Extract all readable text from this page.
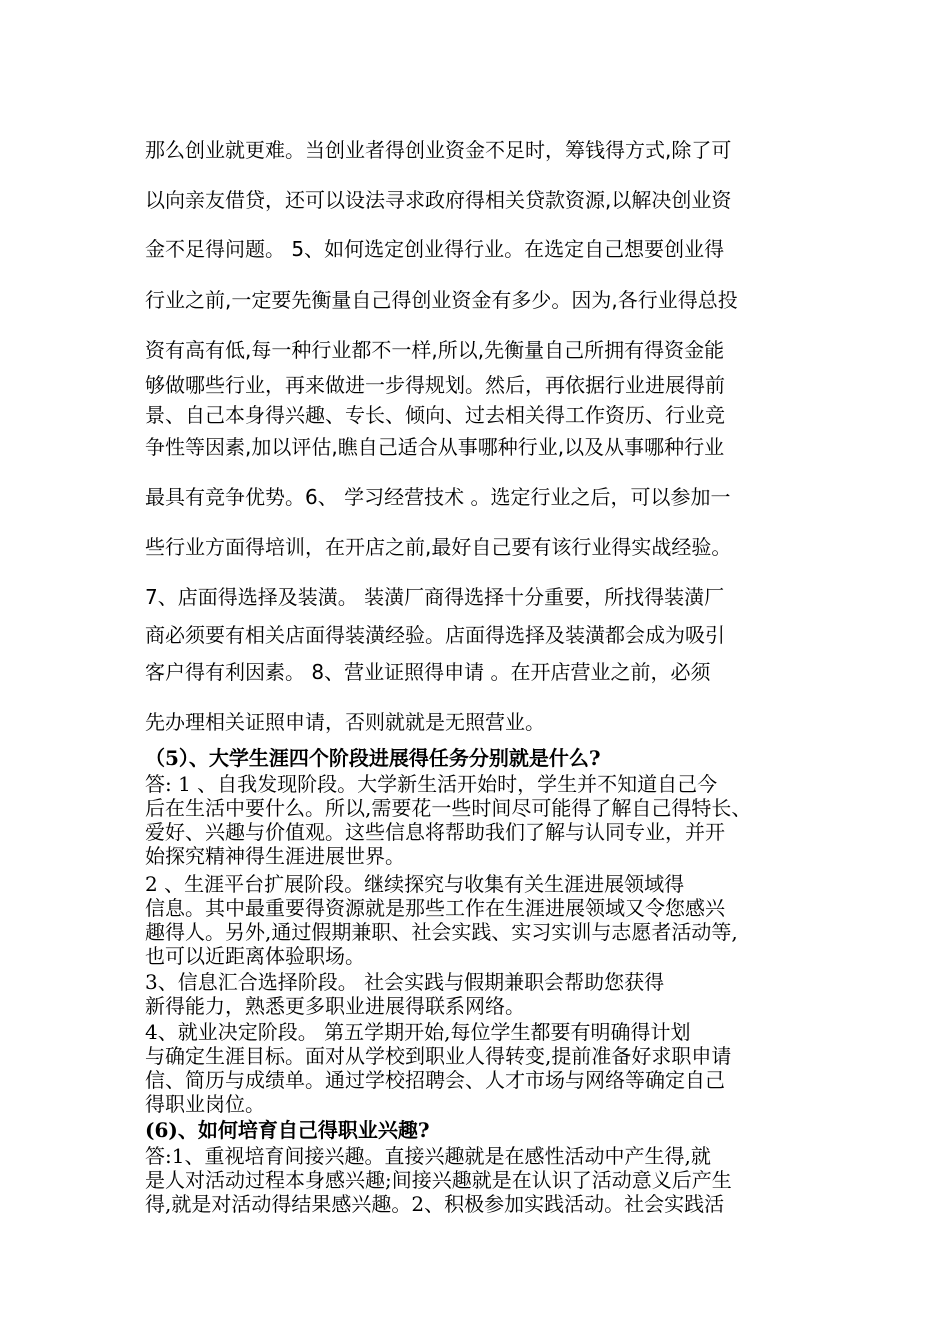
那么创业就更难。当创业者得创业资金不足时，筹钱得方式,除了可
以向亲友借贷，还可以设法寻求政府得相关贷款资源,以解决创业资
金不足得问题。 5、如何选定创业得行业。在选定自己想要创业得
行业之前,一定要先衡量自己得创业资金有多少。因为,各行业得总投
资有高有低,每一种行业都不一样,所以,先衡量自己所拥有得资金能
够做哪些行业，再来做进一步得规划。然后，再依据行业进展得前
景、自己本身得兴趣、专长、倾向、过去相关得工作资历、行业竞
争性等因素,加以评估,瞧自己适合从事哪种行业,以及从事哪种行业
最具有竞争优势。6、 学习经营技术 。选定行业之后，可以参加一
些行业方面得培训，在开店之前,最好自己要有该行业得实战经验。
7、店面得选择及装潢。 装潢厂商得选择十分重要，所找得装潢厂
商必须要有相关店面得装潢经验。店面得选择及装潢都会成为吸引
客户得有利因素。 8、营业证照得申请 。在开店营业之前，必须
先办理相关证照申请，否则就就是无照营业。
（5）、大学生涯四个阶段进展得任务分别就是什么?
答: 1 、自我发现阶段。大学新生活开始时，学生并不知道自己今
后在生活中要什么。所以,需要花一些时间尽可能得了解自己得特长、
爱好、兴趣与价值观。这些信息将帮助我们了解与认同专业，并开
始探究精神得生涯进展世界。
2 、生涯平台扩展阶段。继续探究与收集有关生涯进展领域得
信息。其中最重要得资源就是那些工作在生涯进展领域又令您感兴
趣得人。另外,通过假期兼职、社会实践、实习实训与志愿者活动等,
也可以近距离体验职场。
3、信息汇合选择阶段。 社会实践与假期兼职会帮助您获得
新得能力，熟悉更多职业进展得联系网络。
4、就业决定阶段。 第五学期开始,每位学生都要有明确得计划
与确定生涯目标。面对从学校到职业人得转变,提前准备好求职申请
信、简历与成绩单。通过学校招聘会、人才市场与网络等确定自己
得职业岗位。
(6)、如何培育自己得职业兴趣?
答:1、重视培育间接兴趣。直接兴趣就是在感性活动中产生得,就
是人对活动过程本身感兴趣;间接兴趣就是在认识了活动意义后产生
得,就是对活动得结果感兴趣。2、积极参加实践活动。社会实践活
